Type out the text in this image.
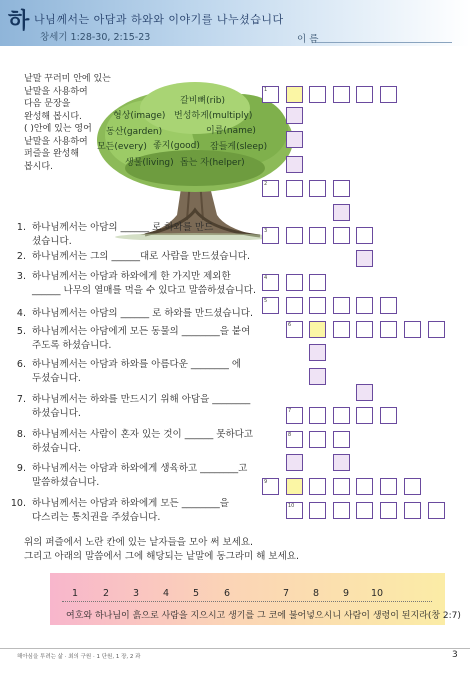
하 나님께서는 아담과 하와와 이야기를 나누셨습니다
창세기 1:28-30, 2:15-23	이 름
낱말 꾸러미 안에 있는
낱말을 사용하여
다음 문장을
완성해 봅시다.
( )안에 있는 영어
낱말을 사용하여
퍼즐을 완성해
봅시다.
갈비뼈(rib)
형상(image) 번성하게(multiply)
동산(garden)	이름(name)
모든(every) 좋지(good) 잠들게(sleep)
생물(living) 돕는 자(helper)
1. 하나님께서는 아담의 ______ 로 하와를 만드
셨습니다.
2. 하나님께서는 그의 ______대로 사람을 만드셨습니다.
3. 하나님께서는 아담과 하와에게 한 가지만 제외한
______ 나무의 열매를 먹을 수 있다고 말씀하셨습니다.
4. 하나님께서는 아담의 ______ 로 하와를 만드셨습니다.
5. 하나님께서는 아담에게 모든 동물의 ________을 붙여
주도록 하셨습니다.
6. 하나님께서는 아담과 하와를 아름다운 ________ 에
두셨습니다.
7. 하나님께서는 하와를 만드시기 위해 아담을 ________
하셨습니다.
8. 하나님께서는 사람이 혼자 있는 것이 ______ 못하다고
하셨습니다.
9. 하나님께서는 아담과 하와에게 생육하고 ________고
말씀하셨습니다.
10. 하나님께서는 아담과 하와에게 모든 ________을
다스리는 통치권을 주셨습니다.
1
2
3
4
5
6
7
8
9
10
위의 퍼즐에서 노란 칸에 있는 낱자들을 모아 써 보세요.
그리고 아래의 말씀에서 그에 해당되는 낱말에 동그라미 해 보세요.
1	2	3	4	5	6	7	8	9 10
여호와 하나님이 흙으로 사람을 지으시고 생기를 그 코에 불어넣으시니 사람이 생령이 된지라(창 2:7)
해아심을 투려는 삶 · 최의 구원 · 1 단원, 1 장, 2 과	3
